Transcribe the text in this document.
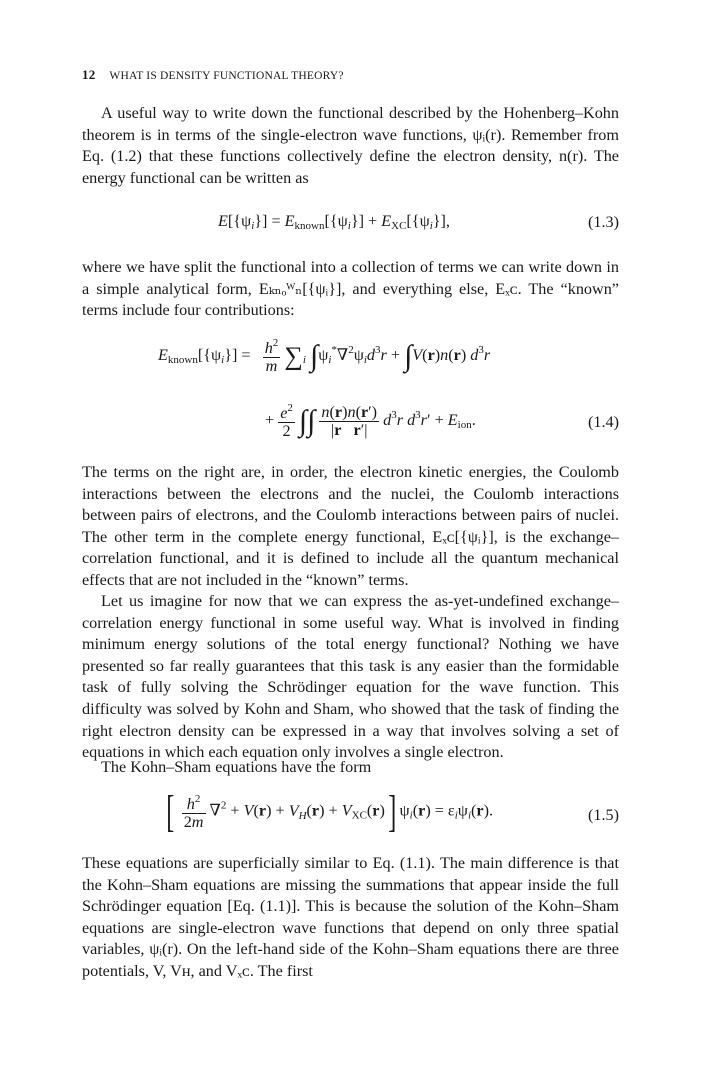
12 WHAT IS DENSITY FUNCTIONAL THEORY?

A useful way to write down the functional described by the Hohenberg–Kohn theorem is in terms of the single-electron wave functions, ψᵢ(r). Remember from Eq. (1.2) that these functions collectively define the electron density, n(r). The energy functional can be written as

$E[\{\psi_i\}] = E_{known}[\{\psi_i\}] + E_{XC}[\{\psi_i\}]$,	(1.3)

where we have split the functional into a collection of terms we can write down in a simple analytical form, Eₖₙₒᵂₙ[{ψᵢ}], and everything else, Eₓᴄ. The “known” terms include four contributions:

$E_{known}[\{\psi_i\}] = \frac{h^2}{m} \sum_i$ $\int\psi_i^*\nabla^2\psi_id^3r + \int V(r)n(r)$ $d^3r$
+ $\frac{e^2}{2}$ ∫∫ $\frac{n(r)n(r')}{\text{|r r′|}} d^3r$ $d^3r' + E_{ion}$.	(1.4)

The terms on the right are, in order, the electron kinetic energies, the Coulomb interactions between the electrons and the nuclei, the Coulomb interactions between pairs of electrons, and the Coulomb interactions between pairs of nuclei. The other term in the complete energy functional, Eₓᴄ[{ψᵢ}], is the exchange–correlation functional, and it is defined to include all the quantum mechanical effects that are not included in the “known” terms.

Let us imagine for now that we can express the as-yet-undefined exchange–correlation energy functional in some useful way. What is involved in finding minimum energy solutions of the total energy functional? Nothing we have presented so far really guarantees that this task is any easier than the formidable task of fully solving the Schrödinger equation for the wave function. This difficulty was solved by Kohn and Sham, who showed that the task of finding the right electron density can be expressed in a way that involves solving a set of equations in which each equation only involves a single electron.

The Kohn–Sham equations have the form

[ $\frac{h^2}{2m} \nabla^2 + V(r) + V_H(r) + V_{XC}(r)$] $\psi_i(r) = \varepsilon_i\psi_i(r)$.	(1.5)

These equations are superficially similar to Eq. (1.1). The main difference is that the Kohn–Sham equations are missing the summations that appear inside the full Schrödinger equation [Eq. (1.1)]. This is because the solution of the Kohn–Sham equations are single-electron wave functions that depend on only three spatial variables, ψᵢ(r). On the left-hand side of the Kohn–Sham equations there are three potentials, V, Vʜ, and Vₓᴄ. The first
